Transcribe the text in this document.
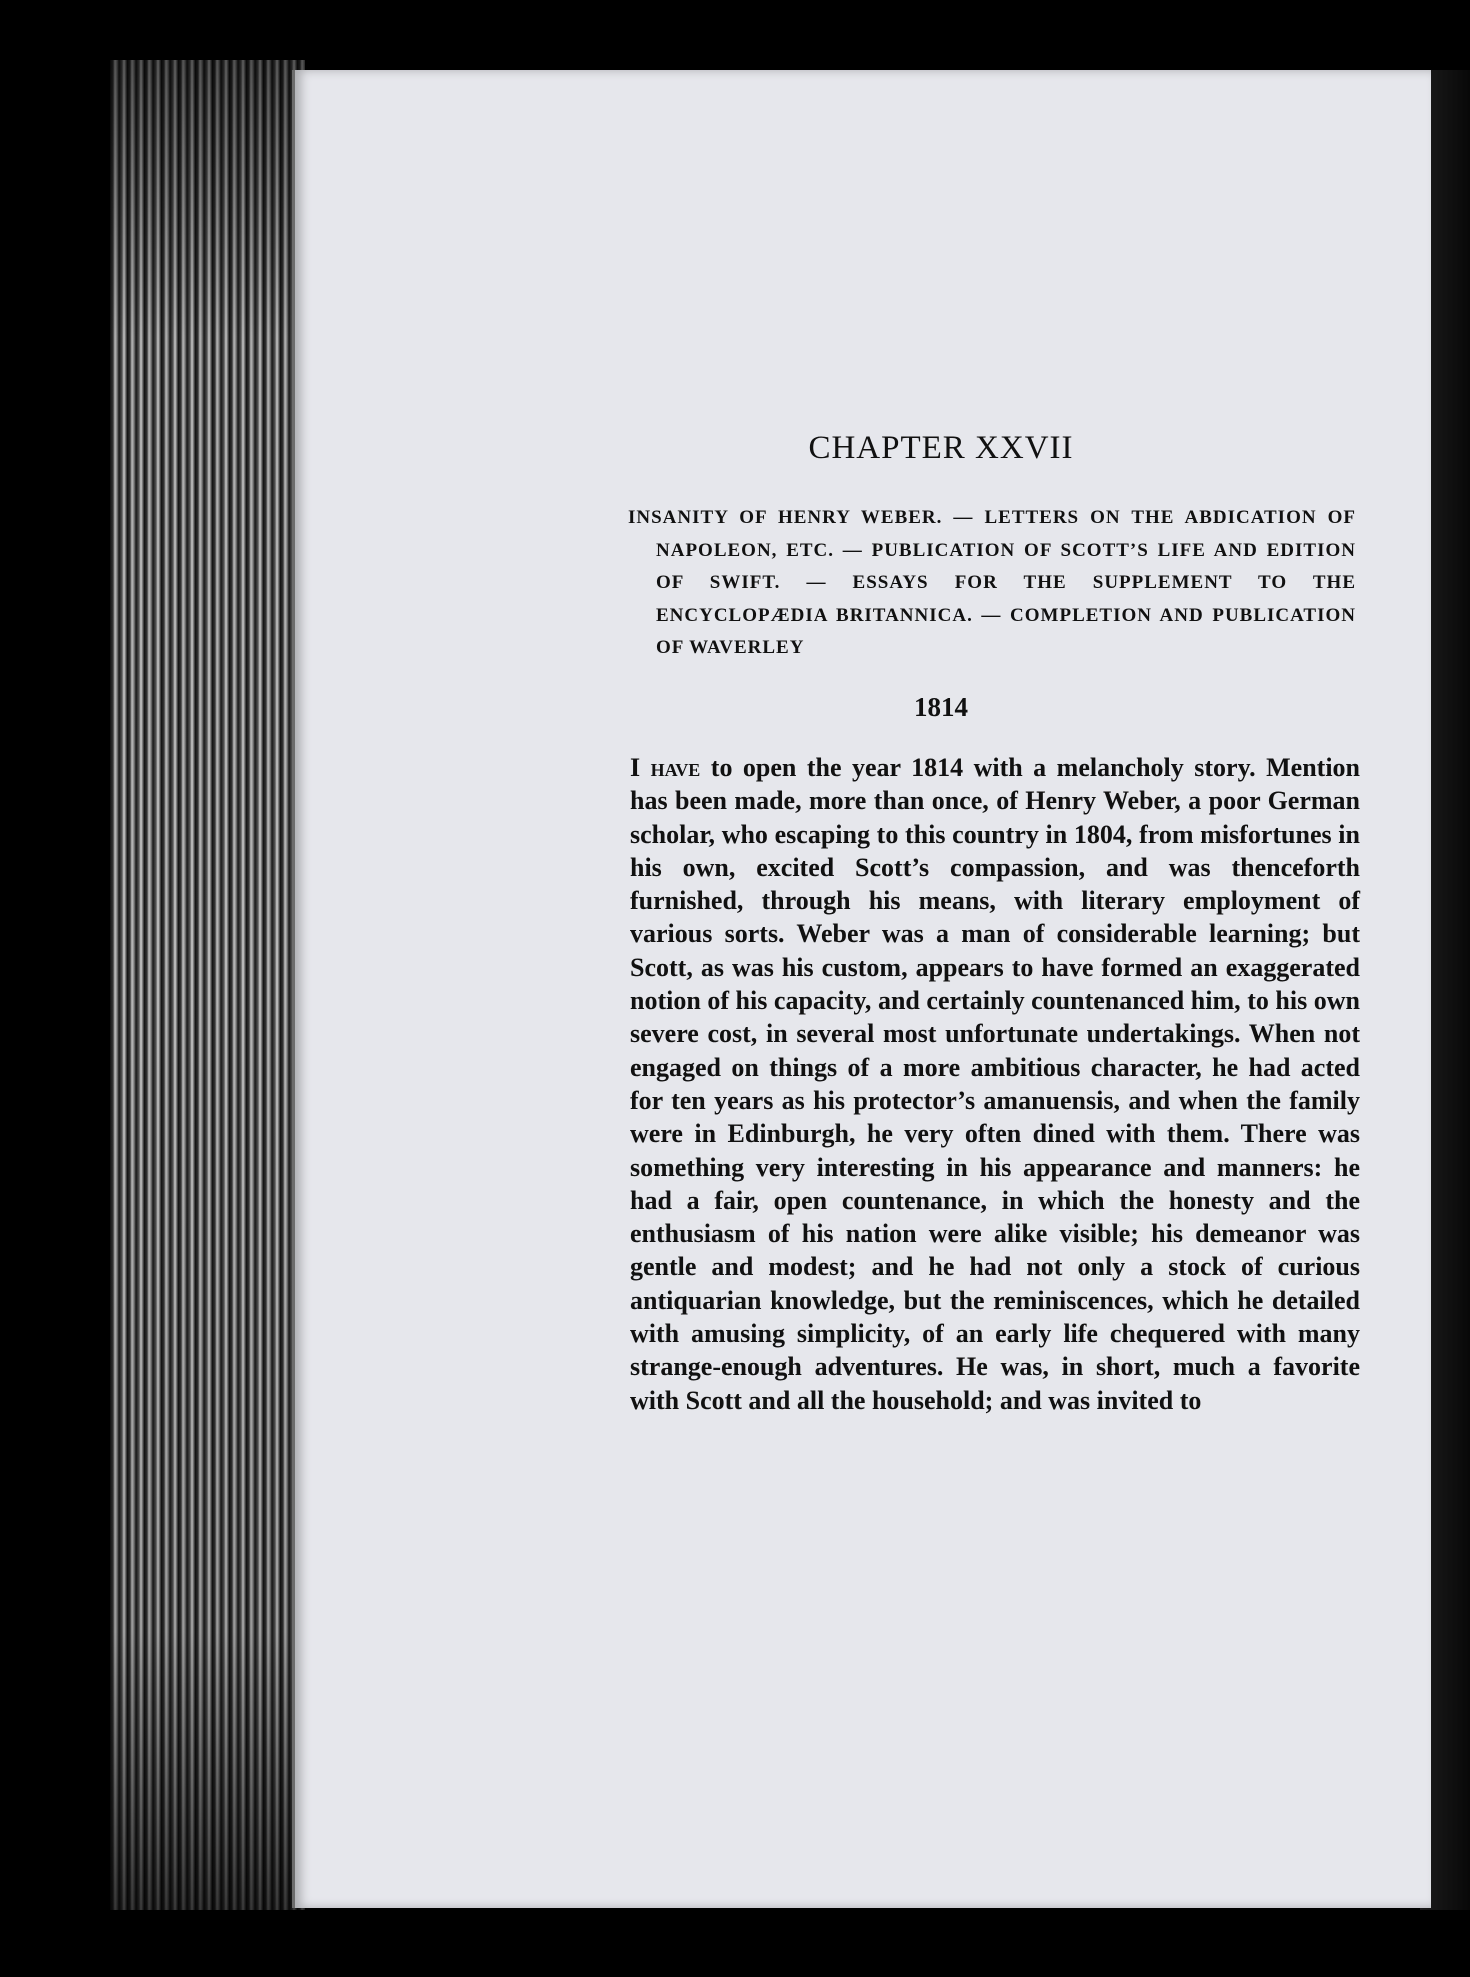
CHAPTER XXVII

INSANITY OF HENRY WEBER. — LETTERS ON THE ABDICATION OF NAPOLEON, ETC. — PUBLICATION OF SCOTT’S LIFE AND EDITION OF SWIFT. — ESSAYS FOR THE SUPPLEMENT TO THE ENCYCLOPÆDIA BRITANNICA. — COMPLETION AND PUBLICATION OF WAVERLEY

1814

I have to open the year 1814 with a melancholy story. Mention has been made, more than once, of Henry Weber, a poor German scholar, who escaping to this country in 1804, from misfortunes in his own, excited Scott’s compassion, and was thenceforth furnished, through his means, with literary employment of various sorts. Weber was a man of considerable learning; but Scott, as was his custom, appears to have formed an exaggerated notion of his capacity, and certainly countenanced him, to his own severe cost, in several most unfortunate undertakings. When not engaged on things of a more ambitious character, he had acted for ten years as his protector’s amanuensis, and when the family were in Edinburgh, he very often dined with them. There was something very interesting in his appearance and manners: he had a fair, open countenance, in which the honesty and the enthusiasm of his nation were alike visible; his demeanor was gentle and modest; and he had not only a stock of curious antiquarian knowledge, but the reminiscences, which he detailed with amusing simplicity, of an early life chequered with many strange-enough adventures. He was, in short, much a favorite with Scott and all the household; and was invited to
